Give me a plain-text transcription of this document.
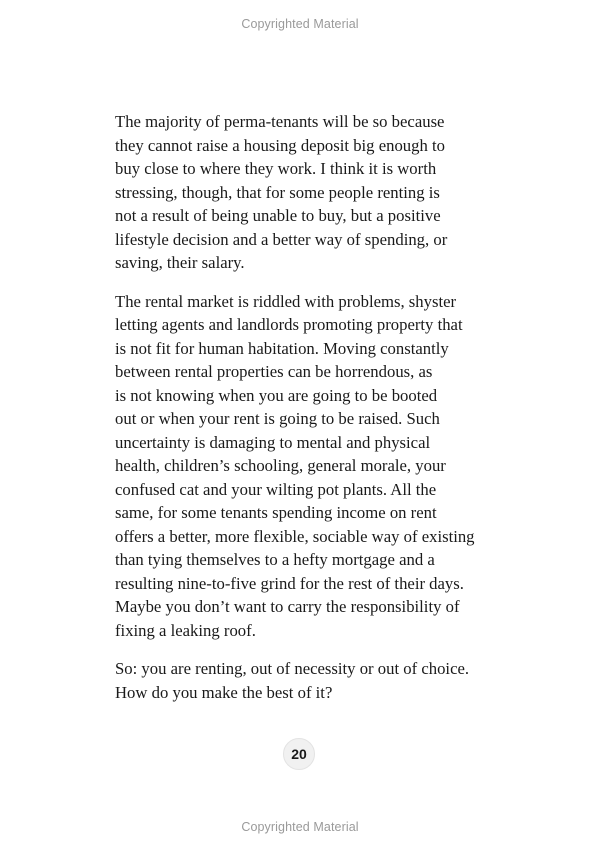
Copyrighted Material

The majority of perma-tenants will be so because
they cannot raise a housing deposit big enough to
buy close to where they work. I think it is worth
stressing, though, that for some people renting is
not a result of being unable to buy, but a positive
lifestyle decision and a better way of spending, or
saving, their salary.

The rental market is riddled with problems, shyster
letting agents and landlords promoting property that
is not fit for human habitation. Moving constantly
between rental properties can be horrendous, as
is not knowing when you are going to be booted
out or when your rent is going to be raised. Such
uncertainty is damaging to mental and physical
health, children’s schooling, general morale, your
confused cat and your wilting pot plants. All the
same, for some tenants spending income on rent
offers a better, more flexible, sociable way of existing
than tying themselves to a hefty mortgage and a
resulting nine-to-five grind for the rest of their days.
Maybe you don’t want to carry the responsibility of
fixing a leaking roof.

So: you are renting, out of necessity or out of choice.
How do you make the best of it?

20
Copyrighted Material
